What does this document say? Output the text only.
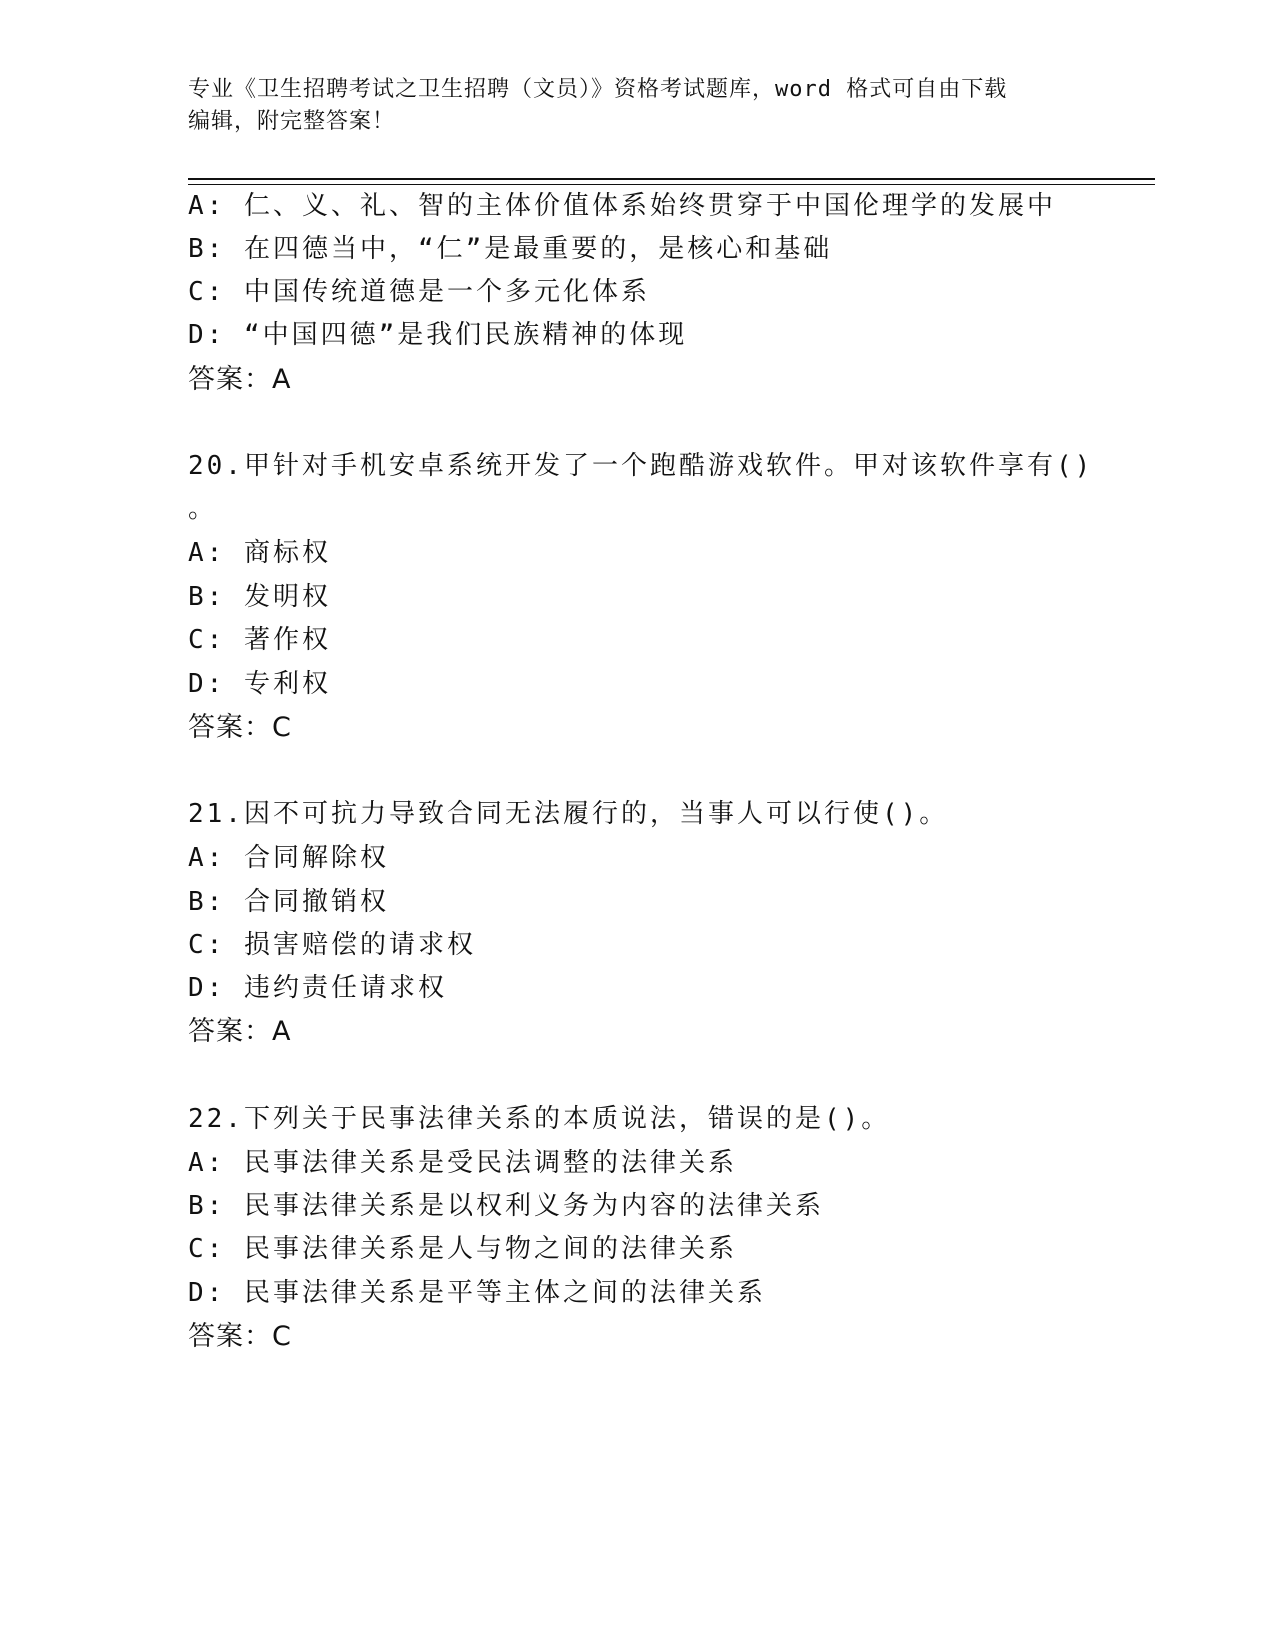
专业《卫生招聘考试之卫生招聘（文员）》资格考试题库，word 格式可自由下载
编辑，附完整答案！
A: 仁、义、礼、智的主体价值体系始终贯穿于中国伦理学的发展中
B: 在四德当中，“仁”是最重要的，是核心和基础
C: 中国传统道德是一个多元化体系
D: “中国四德”是我们民族精神的体现
答案：A
20.甲针对手机安卓系统开发了一个跑酷游戏软件。甲对该软件享有()
。
A: 商标权
B: 发明权
C: 著作权
D: 专利权
答案：C
21.因不可抗力导致合同无法履行的，当事人可以行使()。
A: 合同解除权
B: 合同撤销权
C: 损害赔偿的请求权
D: 违约责任请求权
答案：A
22.下列关于民事法律关系的本质说法，错误的是()。
A: 民事法律关系是受民法调整的法律关系
B: 民事法律关系是以权利义务为内容的法律关系
C: 民事法律关系是人与物之间的法律关系
D: 民事法律关系是平等主体之间的法律关系
答案：C
